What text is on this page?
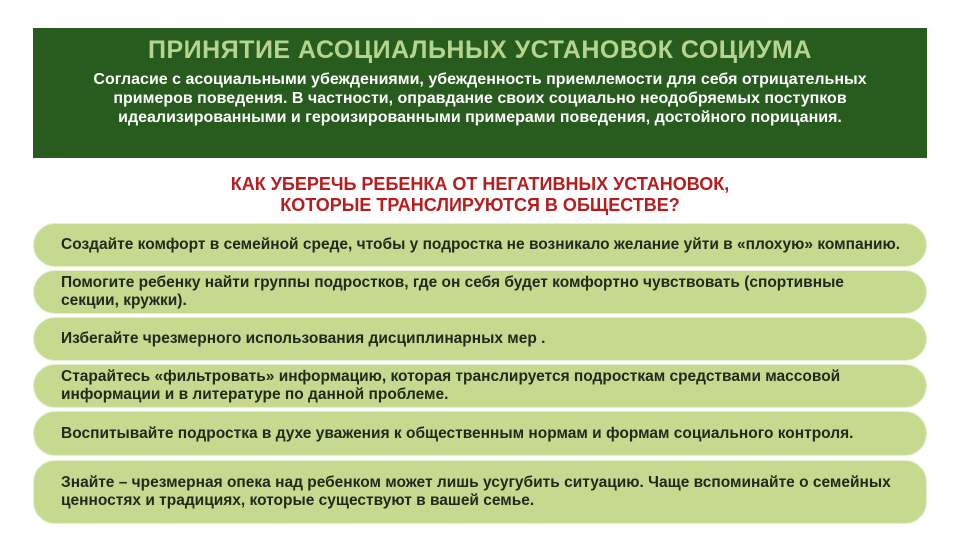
ПРИНЯТИЕ АСОЦИАЛЬНЫХ УСТАНОВОК СОЦИУМА

Согласие с асоциальными убеждениями, убежденность приемлемости для себя отрицательных примеров поведения. В частности, оправдание своих социально неодобряемых поступков идеализированными и героизированными примерами поведения, достойного порицания.

КАК УБЕРЕЧЬ РЕБЕНКА ОТ НЕГАТИВНЫХ УСТАНОВОК,
КОТОРЫЕ ТРАНСЛИРУЮТСЯ В ОБЩЕСТВЕ?
Создайте комфорт в семейной среде, чтобы у подростка не возникало желание уйти в «плохую» компанию.
Помогите ребенку найти группы подростков, где он себя будет комфортно чувствовать (спортивные секции, кружки).
Избегайте чрезмерного использования дисциплинарных мер .
Старайтесь «фильтровать» информацию, которая транслируется подросткам средствами массовой информации и в литературе по данной проблеме.
Воспитывайте подростка в духе уважения к общественным нормам и формам социального контроля.
Знайте – чрезмерная опека над ребенком может лишь усугубить ситуацию. Чаще вспоминайте о семейных ценностях и традициях, которые существуют в вашей семье.
